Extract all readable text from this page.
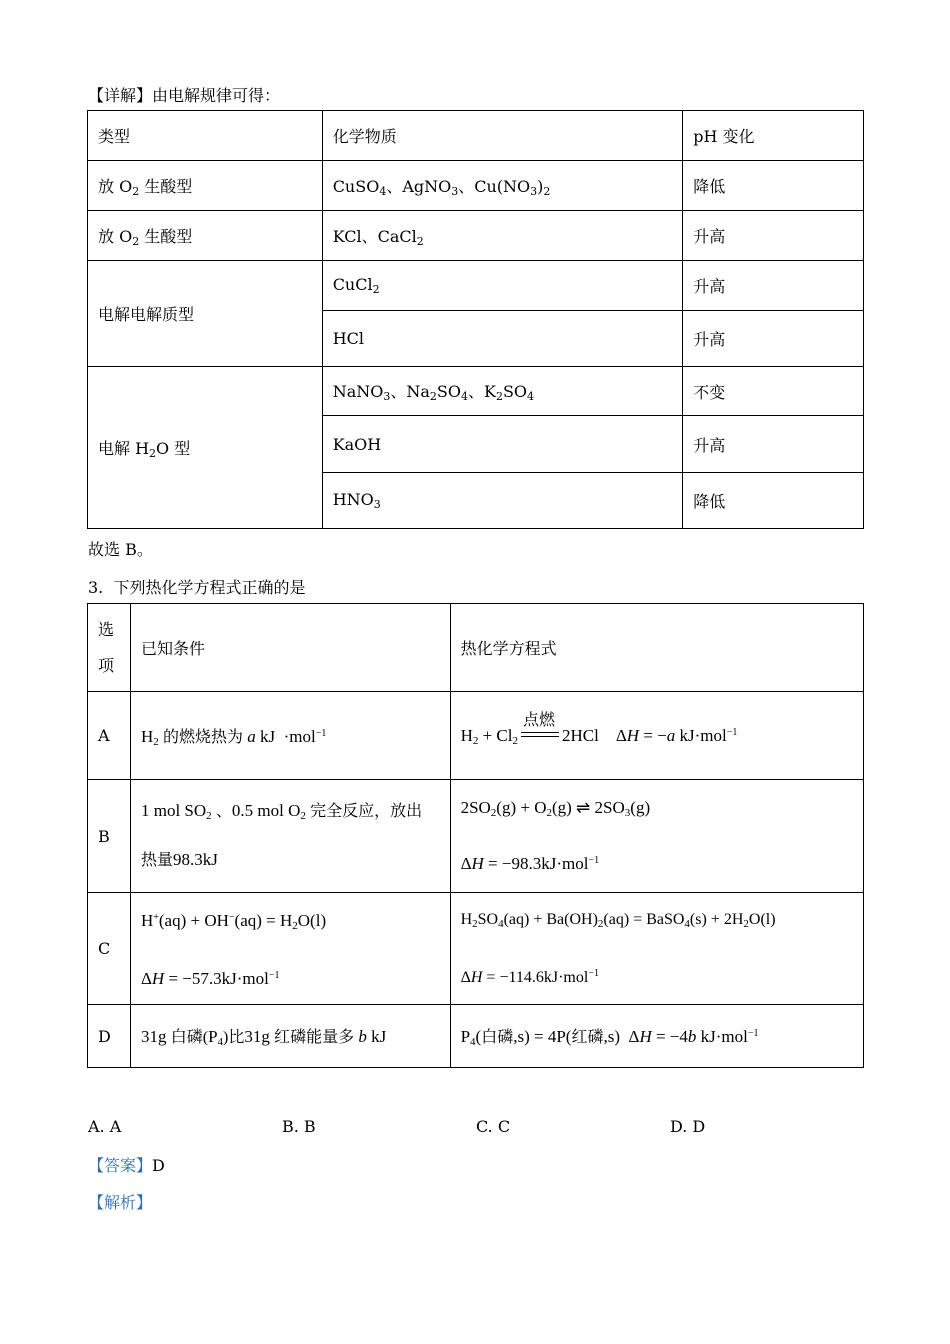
【详解】由电解规律可得：
类型	化学物质	pH 变化
放 $O_2$ 生酸型	CuSO$_4$、AgNO$_3$、$Cu(NO_3)_2$	降低
放 $O_2$ 生酸型	KCl、CaCl$_2$	升高
电解电解质型	CuCl$_2$	升高
	HCl	升高
电解 $H_2O$ 型	NaNO$_3$、$Na_2SO_4$、$K_2SO_4$	不变
	KaOH	升高
	$HNO_3$	降低
故选 B。
3. 下列热化学方程式正确的是
选项	已知条件	热化学方程式
A	$H_2$ 的燃烧热为 a kJ  ·mol$^{-1}$	$H_2 + Cl_2$
点燃
2HCl    ΔH = −a kJ·mol$^{-1}$
B	1 mol $SO_2$ 、0.5 mol $O_2$ 完全反应，放出
热量98.3kJ	$2SO_2(g) + O_2(g)$ ⇌ $2SO_3(g)$
ΔH = −98.3kJ·mol$^{-1}$
C	$H^+(aq) + OH^-(aq) = H_2O(l)$
ΔH = −57.3kJ·mol$^{-1}$	$H_2SO_4(aq) + Ba(OH)_2(aq)$ = BaSO$_4$(s) + $2H_2O(l)$
ΔH = −114.6kJ·mol$^{-1}$
D	31g 白磷$(P_4)$比31g 红磷能量多 b kJ	$P_4$(白磷,s) = 4P(红磷,s)  ΔH = −4b kJ·mol$^{-1}$
A. A	B. B	C. C	D. D
【答案】D
【解析】
